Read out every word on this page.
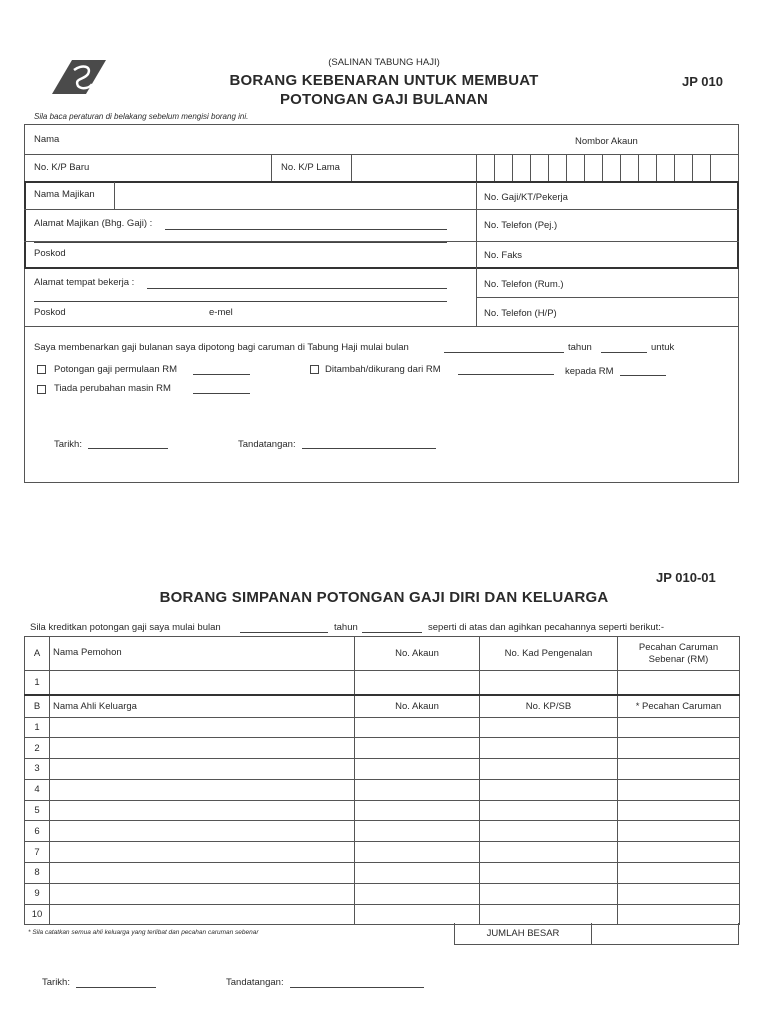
(SALINAN TABUNG HAJI)
BORANG KEBENARAN UNTUK MEMBUAT
POTONGAN GAJI BULANAN
JP 010
Sila baca peraturan di belakang sebelum mengisi borang ini.
Nama	Nombor Akaun
No. K/P Baru	No. K/P Lama
Nama Majikan	No. Gaji/KT/Pekerja
Alamat Majikan (Bhg. Gaji) :	No. Telefon (Pej.)
Poskod	No. Faks
Alamat tempat bekerja :	No. Telefon (Rum.)
Poskod	e-mel	No. Telefon (H/P)
Saya membenarkan gaji bulanan saya dipotong bagi caruman di Tabung Haji mulai bulan	tahun	untuk
Potongan gaji permulaan RM	Ditambah/dikurang dari RM	kepada RM
Tiada perubahan masin RM
Tarikh:	Tandatangan:
JP 010-01
BORANG SIMPANAN POTONGAN GAJI DIRI DAN KELUARGA
Sila kreditkan potongan gaji saya mulai bulan	tahun	seperti di atas dan agihkan pecahannya seperti berikut:-
A	Nama Pemohon	No. Akaun	No. Kad Pengenalan	Pecahan Caruman Sebenar (RM)
1				
B	Nama Ahli Keluarga	No. Akaun	No. KP/SB	* Pecahan Caruman
1				
2				
3				
4				
5				
6				
7				
8				
9				
10				
JUMLAH BESAR
* Sila catatkan semua ahli keluarga yang terlibat dan pecahan caruman sebenar
Tarikh:	Tandatangan:
